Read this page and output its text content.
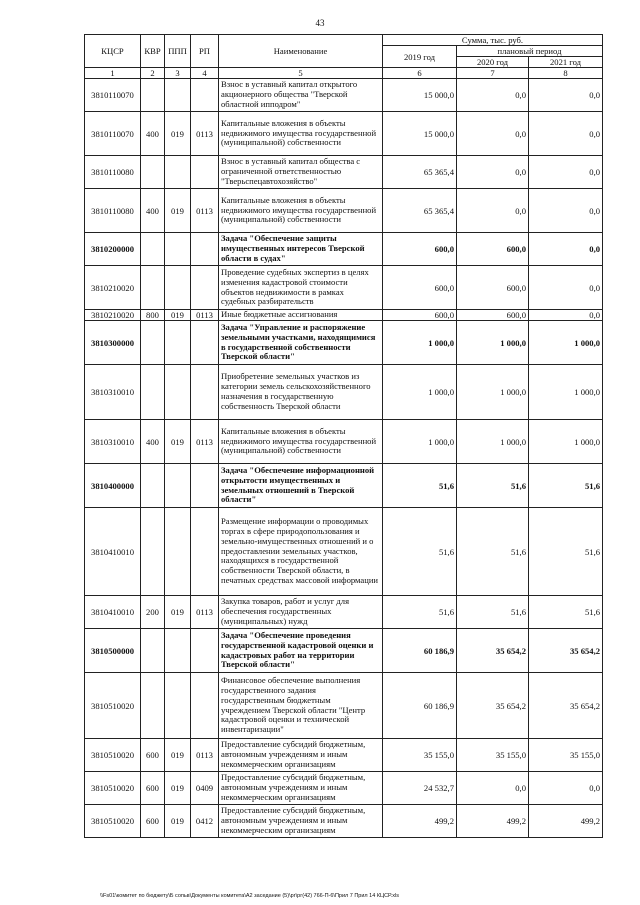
43
КЦСР	КВР	ППП	РП	Наименование	Сумма, тыс. руб.		
					2019 год	плановый период	
						2020 год	2021 год
1	2	3	4	5	6	7	8
3810110070				Взнос в уставный капитал открытого акционерного общества "Тверской областной ипподром"	15 000,0	0,0	0,0
3810110070	400	019	0113	Капитальные вложения в объекты недвижимого имущества государственной (муниципальной) собственности	15 000,0	0,0	0,0
3810110080				Взнос в уставный капитал общества с ограниченной ответственностью "Тверьспецавтохозяйство"	65 365,4	0,0	0,0
3810110080	400	019	0113	Капитальные вложения в объекты недвижимого имущества государственной (муниципальной) собственности	65 365,4	0,0	0,0
3810200000				Задача "Обеспечение защиты имущественных интересов Тверской области в судах"	600,0	600,0	0,0
3810210020				Проведение судебных экспертиз в целях изменения кадастровой стоимости объектов недвижимости в рамках судебных разбирательств	600,0	600,0	0,0
3810210020	800	019	0113	Иные бюджетные ассигнования	600,0	600,0	0,0
3810300000				Задача "Управление и распоряжение земельными участками, находящимися в государственной собственности Тверской области"	1 000,0	1 000,0	1 000,0
3810310010				Приобретение земельных участков из категории земель сельскохозяйственного назначения в государственную собственность Тверской области	1 000,0	1 000,0	1 000,0
3810310010	400	019	0113	Капитальные вложения в объекты недвижимого имущества государственной (муниципальной) собственности	1 000,0	1 000,0	1 000,0
3810400000				Задача "Обеспечение информационной открытости имущественных и земельных отношений в Тверской области"	51,6	51,6	51,6
3810410010				Размещение информации о проводимых торгах в сфере природопользования и земельно-имущественных отношений и о предоставлении земельных участков, находящихся в государственной собственности Тверской области, в печатных средствах массовой информации	51,6	51,6	51,6
3810410010	200	019	0113	Закупка товаров, работ и услуг для обеспечения государственных (муниципальных) нужд	51,6	51,6	51,6
3810500000				Задача "Обеспечение проведения государственной кадастровой оценки и кадастровых работ на территории Тверской области"	60 186,9	35 654,2	35 654,2
3810510020				Финансовое обеспечение выполнения государственного задания государственным бюджетным учреждением Тверской области "Центр кадастровой оценки и технической инвентаризации"	60 186,9	35 654,2	35 654,2
3810510020	600	019	0113	Предоставление субсидий бюджетным, автономным учреждениям и иным некоммерческим организациям	35 155,0	35 155,0	35 155,0
3810510020	600	019	0409	Предоставление субсидий бюджетным, автономным учреждениям и иным некоммерческим организациям	24 532,7	0,0	0,0
3810510020	600	019	0412	Предоставление субсидий бюджетным, автономным учреждениям и иным некоммерческим организациям	499,2	499,2	499,2
\\Fs01\комитет по бюджету\Б сопьв\Документы комитета\А2 заседание (5)\рг\рг(42) 766-П-6\Прил 7 Прил 14 КЦСР.xls
